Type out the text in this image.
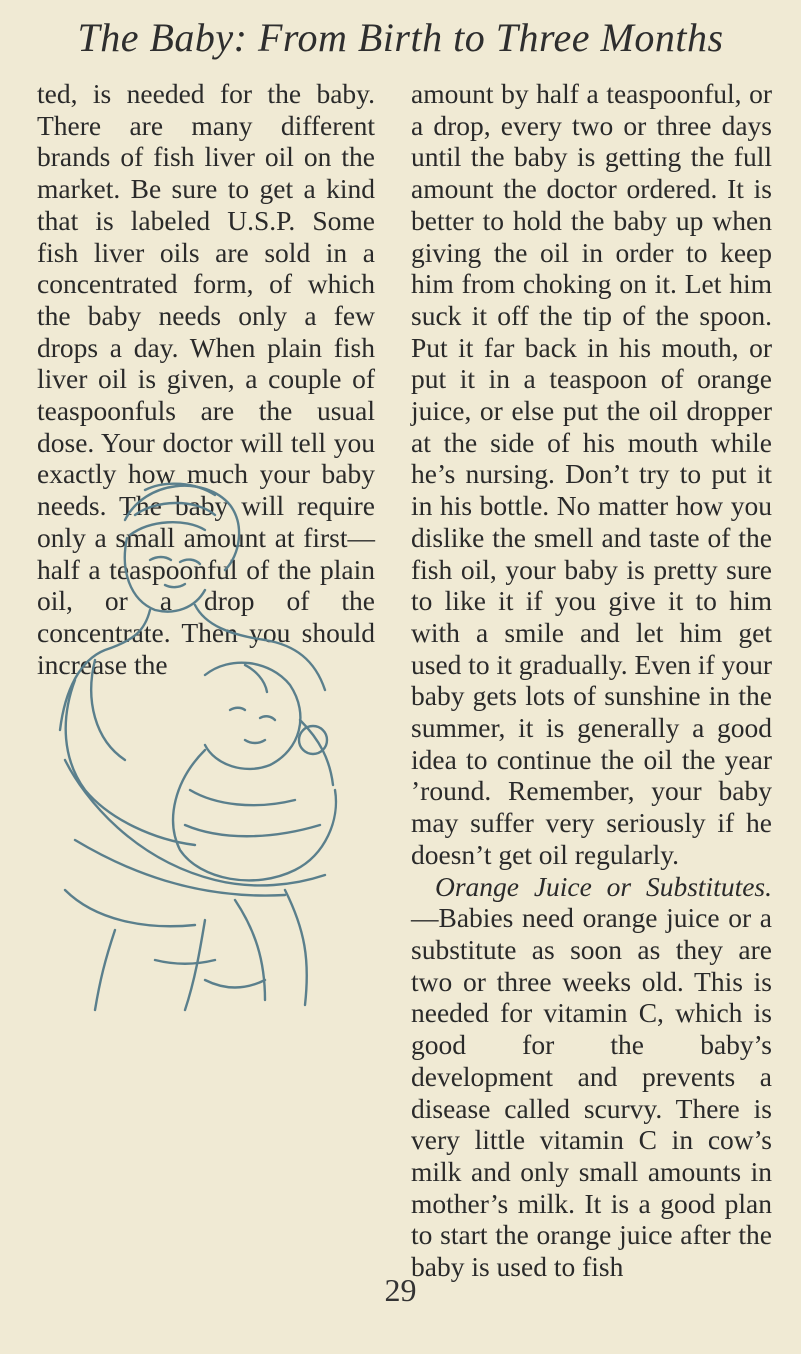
The Baby: From Birth to Three Months

ted, is needed for the baby. There are many different brands of fish liver oil on the market. Be sure to get a kind that is labeled U.S.P. Some fish liver oils are sold in a concentrated form, of which the baby needs only a few drops a day. When plain fish liver oil is given, a couple of teaspoonfuls are the usual dose. Your doctor will tell you exactly how much your baby needs. The baby will require only a small amount at first—half a teaspoonful of the plain oil, or a drop of the concentrate. Then you should increase the

amount by half a teaspoonful, or a drop, every two or three days until the baby is getting the full amount the doctor ordered. It is better to hold the baby up when giving the oil in order to keep him from choking on it. Let him suck it off the tip of the spoon. Put it far back in his mouth, or put it in a teaspoon of orange juice, or else put the oil dropper at the side of his mouth while he’s nursing. Don’t try to put it in his bottle. No matter how you dislike the smell and taste of the fish oil, your baby is pretty sure to like it if you give it to him with a smile and let him get used to it gradually. Even if your baby gets lots of sunshine in the summer, it is generally a good idea to continue the oil the year ’round. Remember, your baby may suffer very seriously if he doesn’t get oil regularly.

Orange Juice or Substitutes.—Babies need orange juice or a substitute as soon as they are two or three weeks old. This is needed for vitamin C, which is good for the baby’s development and prevents a disease called scurvy. There is very little vitamin C in cow’s milk and only small amounts in mother’s milk. It is a good plan to start the orange juice after the baby is used to fish

29
